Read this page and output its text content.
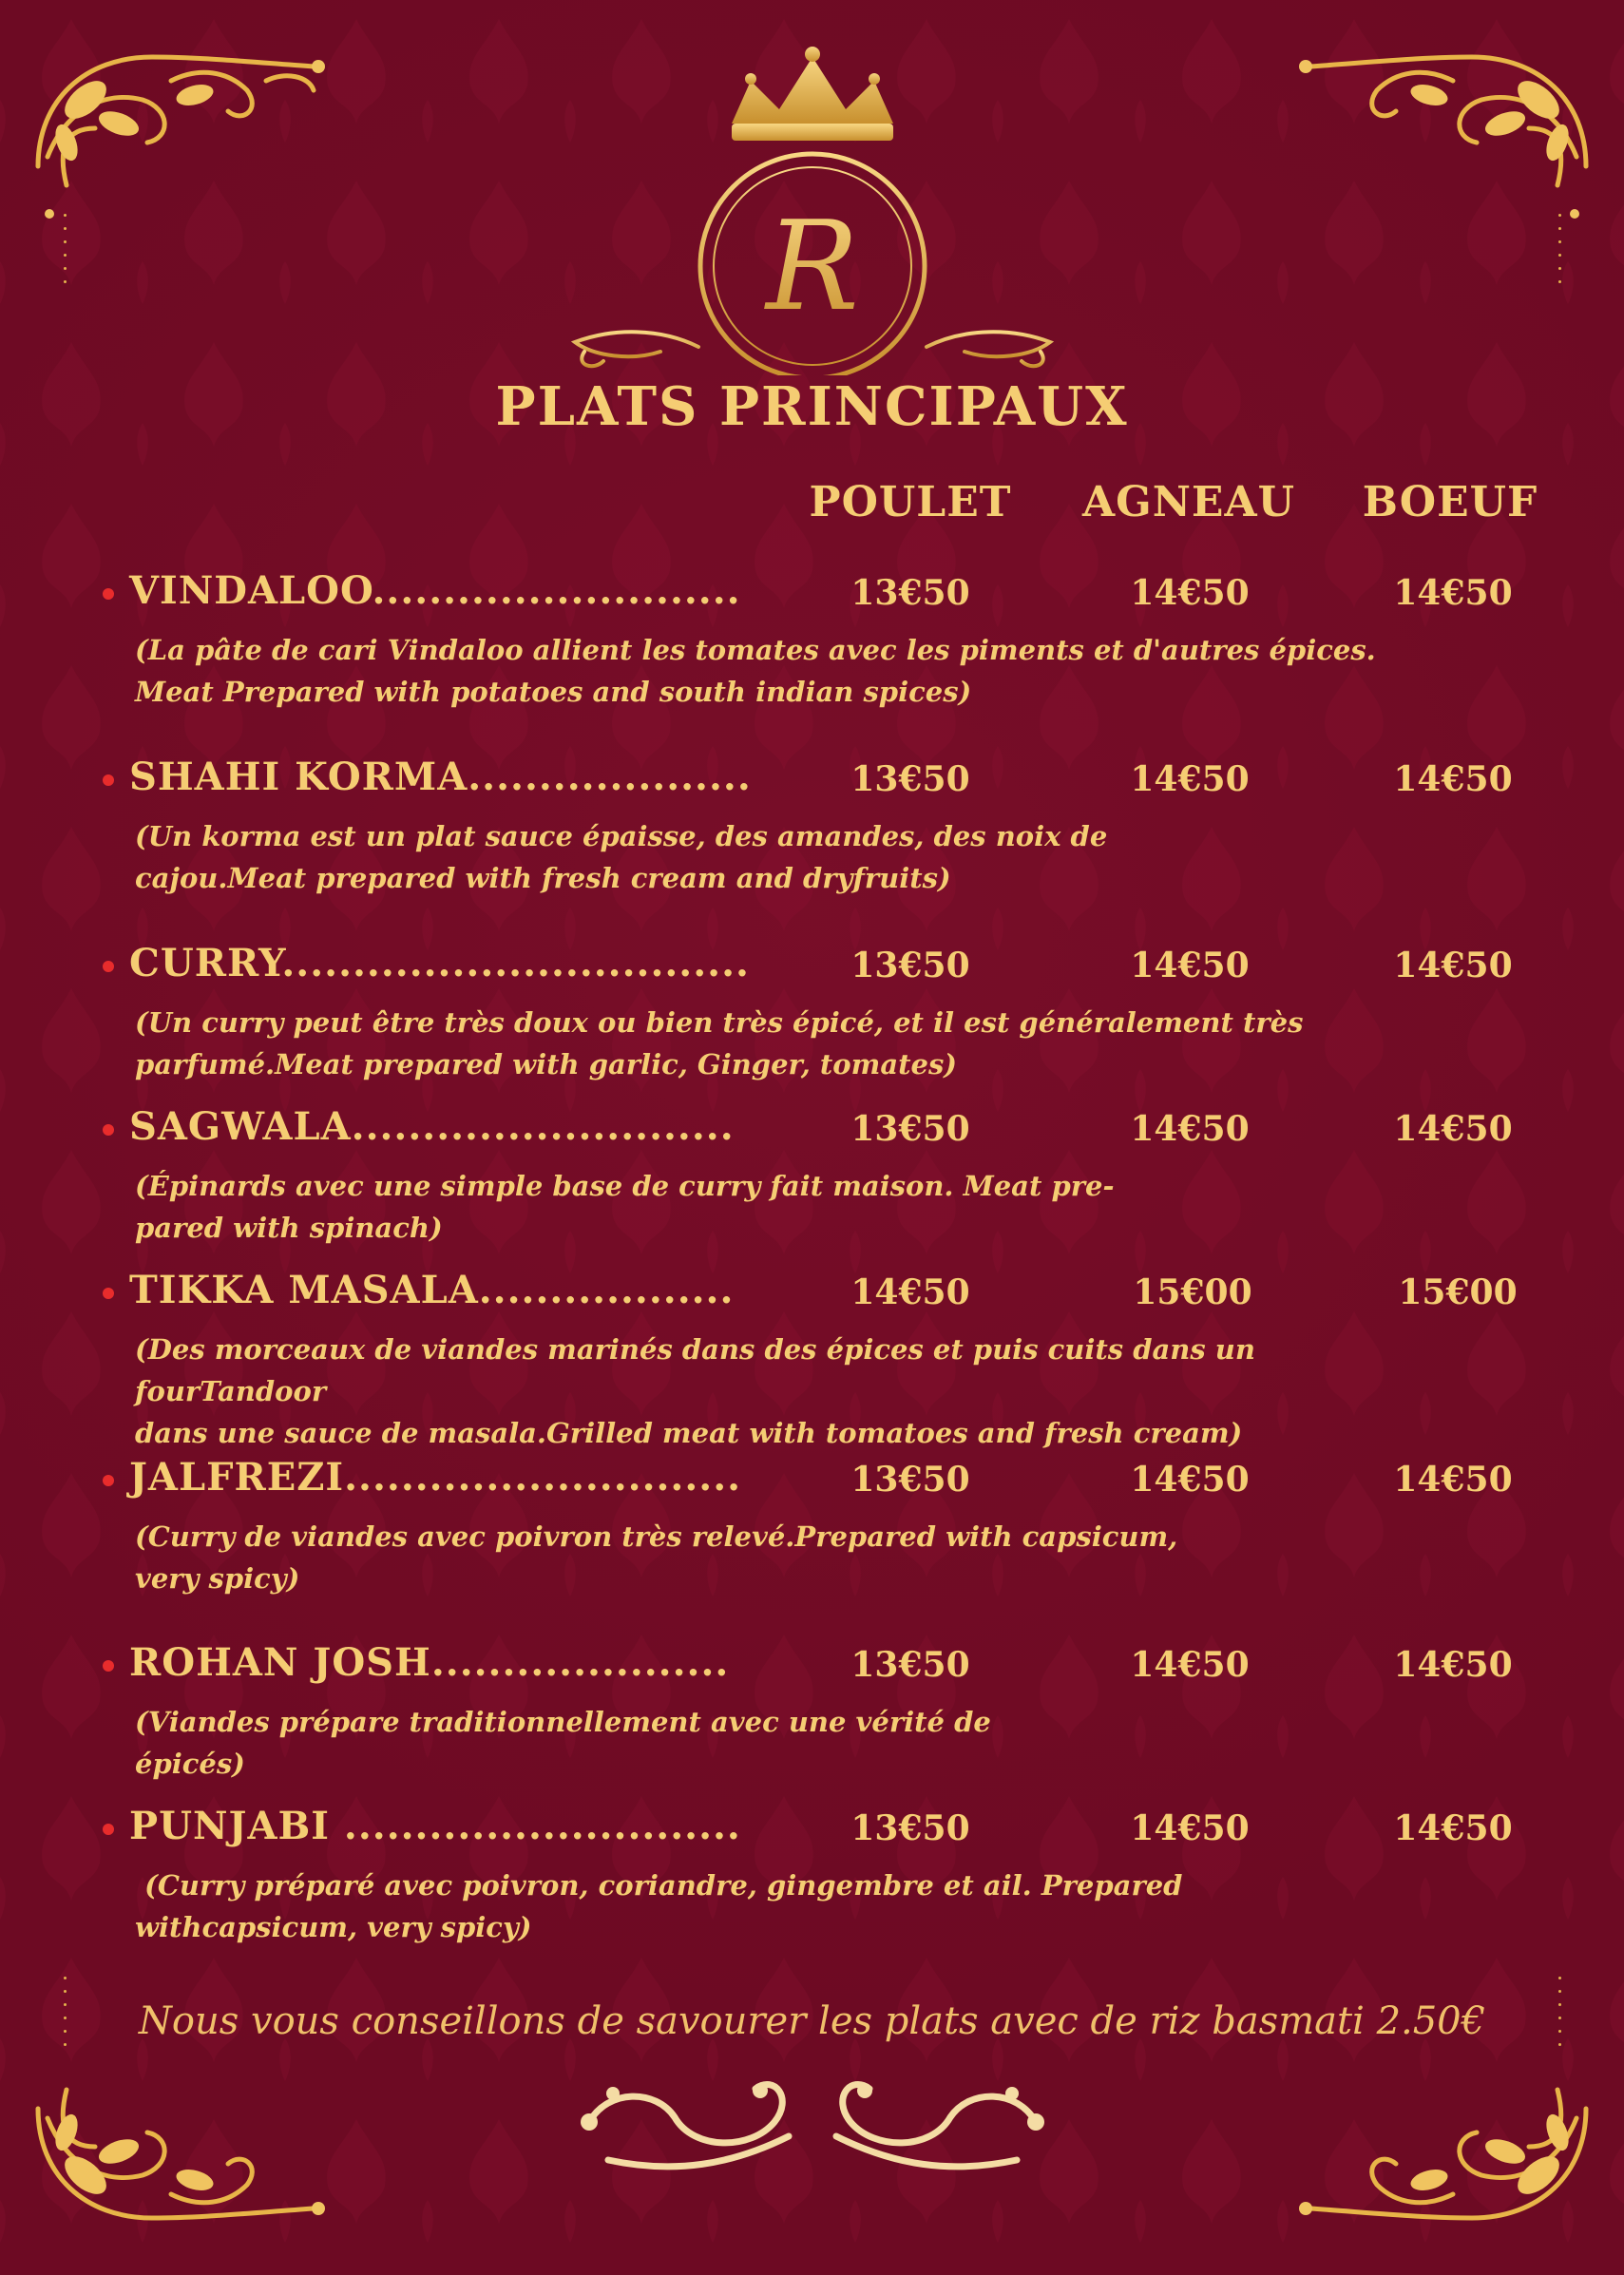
R
PLATS PRINCIPAUX
POULET	AGNEAU	BOEUF
VINDALOO..........................	13€50	14€50	14€50
(La pâte de cari Vindaloo allient les tomates avec les piments et d'autres épices.
Meat Prepared with potatoes and south indian spices)
SHAHI KORMA....................	13€50	14€50	14€50
(Un korma est un plat sauce épaisse, des amandes, des noix de
cajou.Meat prepared with fresh cream and dryfruits)
CURRY.................................	13€50	14€50	14€50
(Un curry peut être très doux ou bien très épicé, et il est généralement très
parfumé.Meat prepared with garlic, Ginger, tomates)
SAGWALA...........................	13€50	14€50	14€50
(Épinards avec une simple base de curry fait maison. Meat pre-
pared with spinach)
TIKKA MASALA..................	14€50	15€00	15€00
(Des morceaux de viandes marinés dans des épices et puis cuits dans un fourTandoor
dans une sauce de masala.Grilled meat with tomatoes and fresh cream)
JALFREZI............................	13€50	14€50	14€50
(Curry de viandes avec poivron très relevé.Prepared with capsicum,
very spicy)
ROHAN JOSH.....................	13€50	14€50	14€50
(Viandes prépare traditionnellement avec une vérité de
épicés)
PUNJABI ............................	13€50	14€50	14€50
(Curry préparé avec poivron, coriandre, gingembre et ail. Prepared
withcapsicum, very spicy)
Nous vous conseillons de savourer les plats avec de riz basmati 2.50€
